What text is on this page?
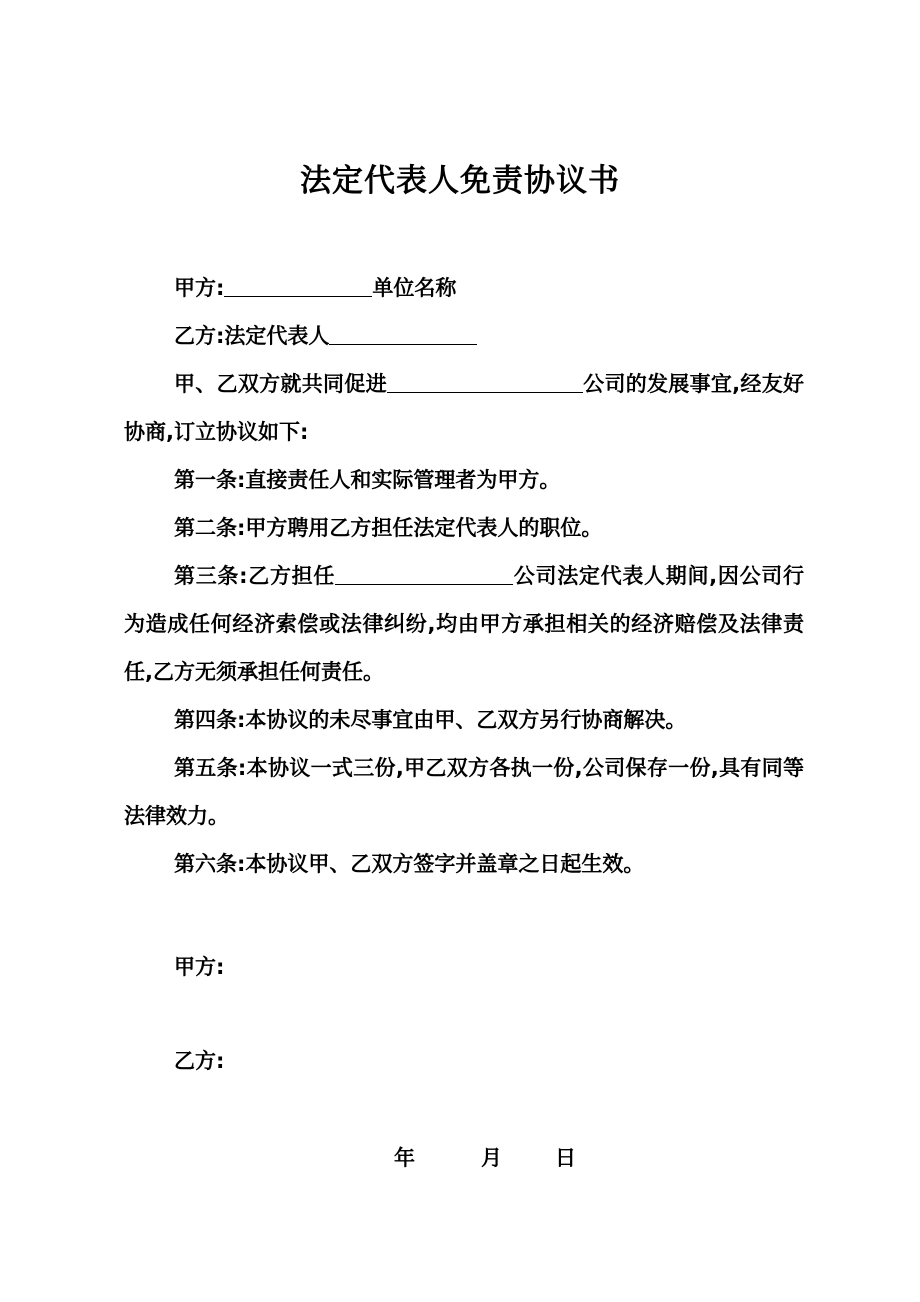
法定代表人免责协议书

甲方:	单位名称

乙方:法定代表人

甲、乙双方就共同促进	公司的发展事宜,经友好协商,订立协议如下:

第一条:直接责任人和实际管理者为甲方。

第二条:甲方聘用乙方担任法定代表人的职位。

第三条:乙方担任	公司法定代表人期间,因公司行为造成任何经济索偿或法律纠纷,均由甲方承担相关的经济赔偿及法律责任,乙方无须承担任何责任。

第四条:本协议的未尽事宜由甲、乙双方另行协商解决。

第五条:本协议一式三份,甲乙双方各执一份,公司保存一份,具有同等法律效力。

第六条:本协议甲、乙双方签字并盖章之日起生效。

甲方:
乙方:
年	月	日
